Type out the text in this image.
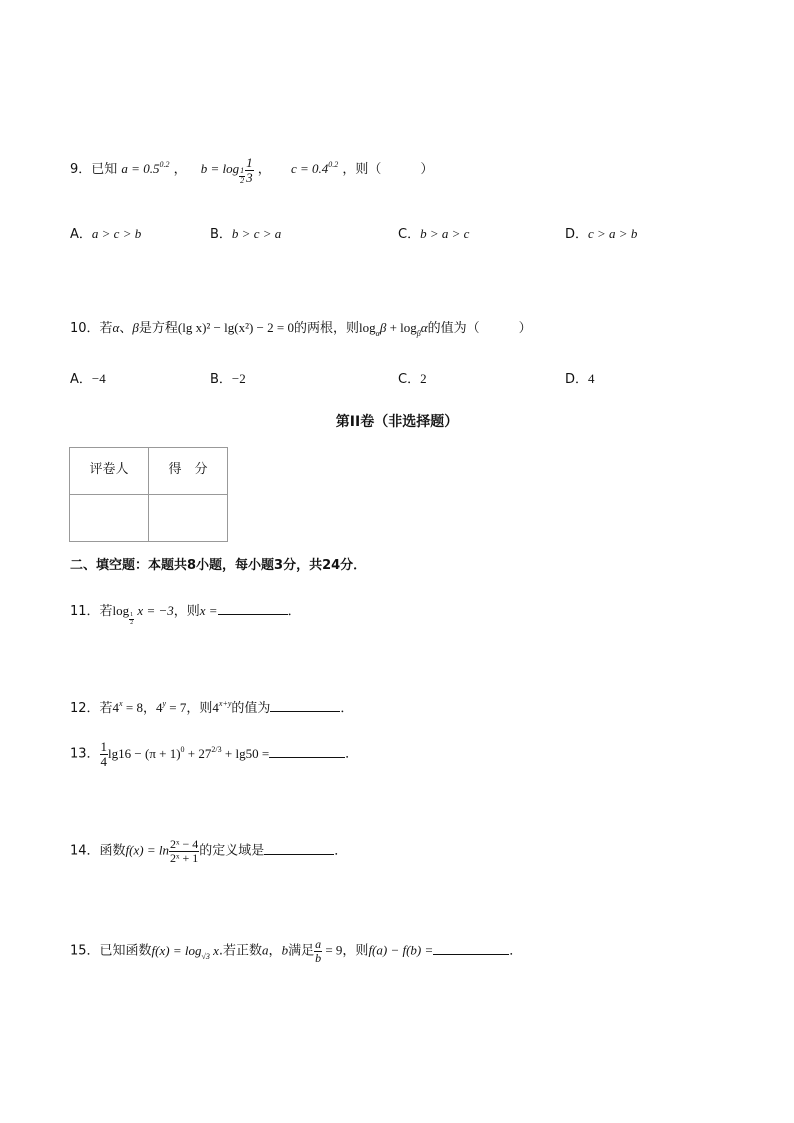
9．已知 $a = 0.5^{0.2}$ ， $b = \log \frac{1}{2} \frac{1}{3}$ ， $c = 0.4^{0.2}$ ，则（　　　）
A．a > c > b	B．b > c > a	C．b > a > c	D．c > a > b
10．若α、β是方程(lg x)² − lg(x²) − 2 = 0的两根，则$\log_\alpha\beta + \log_\beta\alpha$的值为（　　　）
A．−4	B．−2	C．2	D．4
第II卷（非选择题）
评卷人	得　分

二、填空题：本题共8小题，每小题3分，共24分．
11．若log
$\frac{1}{2}$
x = −3，则x =	．
12．若$4^x = 8$，$4^y = 7$，则$4^{x+y}$的值为	．
13． $\frac{1}{4} \lg 16 - (\pi + 1)^0 + 27^{2/3} + \lg 50$ =	．
14．函数$f(x) = \ln \frac{\text{2ˣ − 4}}{\text{2ˣ + 1}}$ 的定义域是	．
15．已知函数$f(x) = \log_{√3} x$.若正数a，b满足 $\frac{a}{b} = 9$，则f(a) − f(b) =	．
